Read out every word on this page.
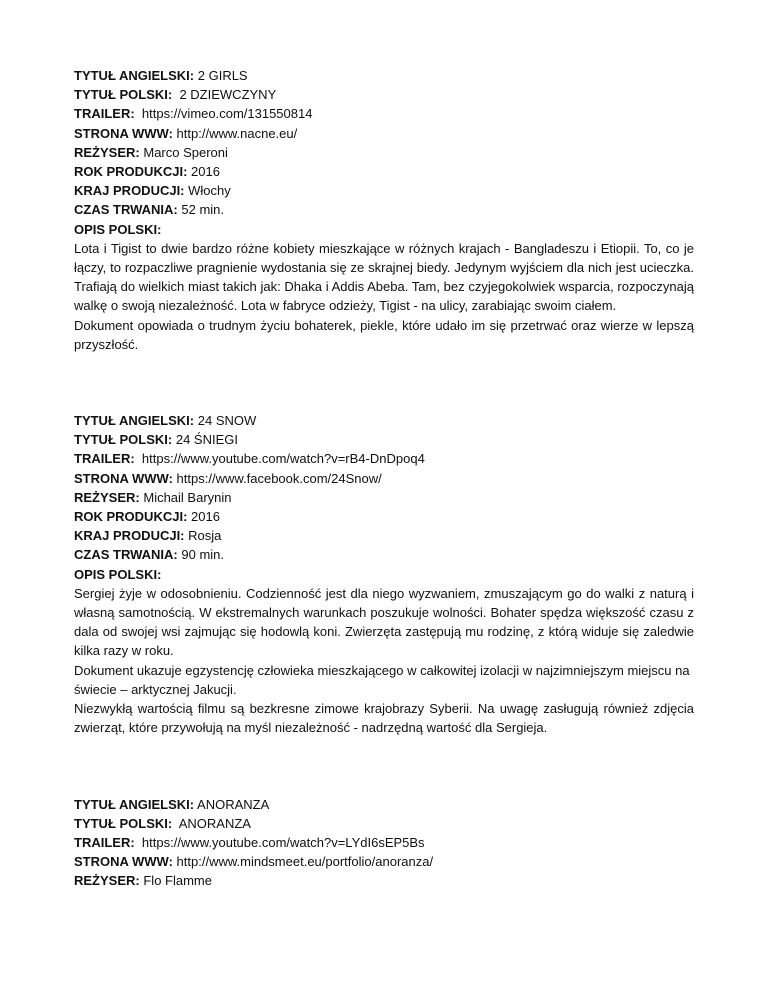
TYTUŁ ANGIELSKI: 2 GIRLS
TYTUŁ POLSKI: 2 DZIEWCZYNY
TRAILER: https://vimeo.com/131550814
STRONA WWW: http://www.nacne.eu/
REŻYSER: Marco Speroni
ROK PRODUKCJI: 2016
KRAJ PRODUCJI: Włochy
CZAS TRWANIA: 52 min.
OPIS POLSKI:

Lota i Tigist to dwie bardzo różne kobiety mieszkające w różnych krajach - Bangladeszu i Etiopii. To, co je łączy, to rozpaczliwe pragnienie wydostania się ze skrajnej biedy. Jedynym wyjściem dla nich jest ucieczka. Trafiają do wielkich miast takich jak: Dhaka i Addis Abeba. Tam, bez czyjegokolwiek wsparcia, rozpoczynają walkę o swoją niezależność. Lota w fabryce odzieży, Tigist - na ulicy, zarabiając swoim ciałem.

Dokument opowiada o trudnym życiu bohaterek, piekle, które udało im się przetrwać oraz wierze w lepszą przyszłość.

TYTUŁ ANGIELSKI: 24 SNOW
TYTUŁ POLSKI: 24 ŚNIEGI
TRAILER: https://www.youtube.com/watch?v=rB4-DnDpoq4
STRONA WWW: https://www.facebook.com/24Snow/
REŻYSER: Michail Barynin
ROK PRODUKCJI: 2016
KRAJ PRODUCJI: Rosja
CZAS TRWANIA: 90 min.
OPIS POLSKI:

Sergiej żyje w odosobnieniu. Codzienność jest dla niego wyzwaniem, zmuszającym go do walki z naturą i własną samotnością. W ekstremalnych warunkach poszukuje wolności. Bohater spędza większość czasu z dala od swojej wsi zajmując się hodowlą koni. Zwierzęta zastępują mu rodzinę, z którą widuje się zaledwie kilka razy w roku.

Dokument ukazuje egzystencję człowieka mieszkającego w całkowitej izolacji w najzimniejszym miejscu na świecie – arktycznej Jakucji.

Niezwykłą wartością filmu są bezkresne zimowe krajobrazy Syberii. Na uwagę zasługują również zdjęcia zwierząt, które przywołują na myśl niezależność - nadrzędną wartość dla Sergieja.

TYTUŁ ANGIELSKI: ANORANZA
TYTUŁ POLSKI: ANORANZA
TRAILER: https://www.youtube.com/watch?v=LYdI6sEP5Bs
STRONA WWW: http://www.mindsmeet.eu/portfolio/anoranza/
REŻYSER: Flo Flamme
